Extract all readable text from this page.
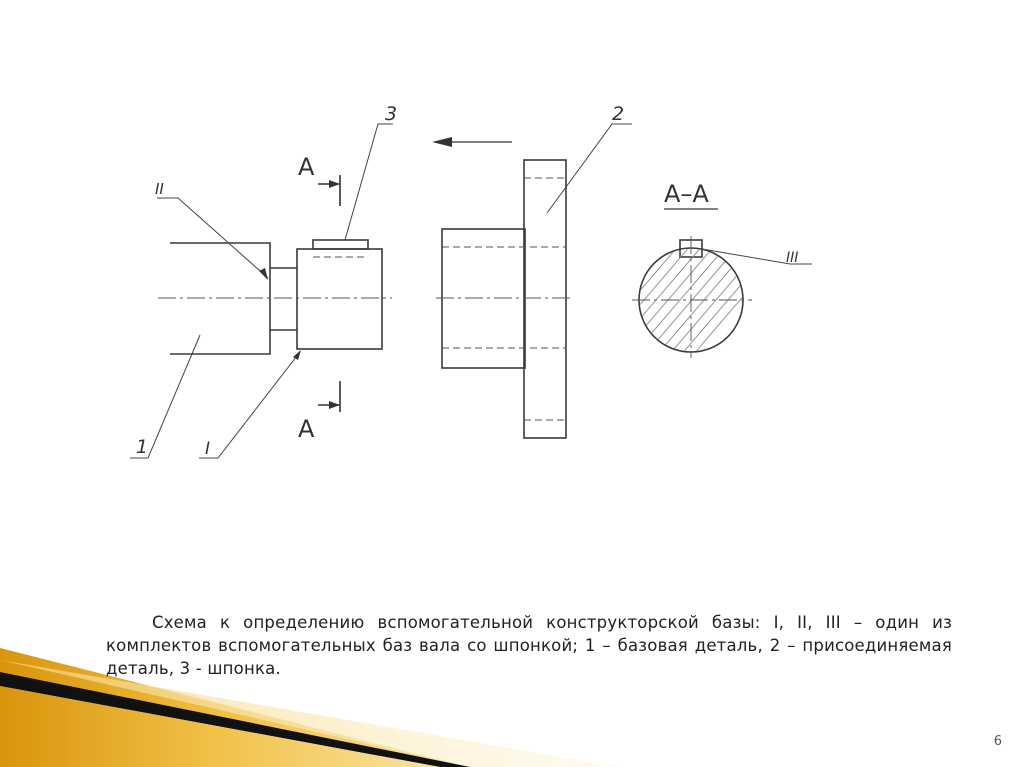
II
3	2
1	I
III
A
A
A–A

Схема к определению вспомогательной конструкторской базы: I, II, III – один из комплектов вспомогательных баз вала со шпонкой; 1 – базовая деталь, 2 – присоединяемая деталь, 3 - шпонка.

6
